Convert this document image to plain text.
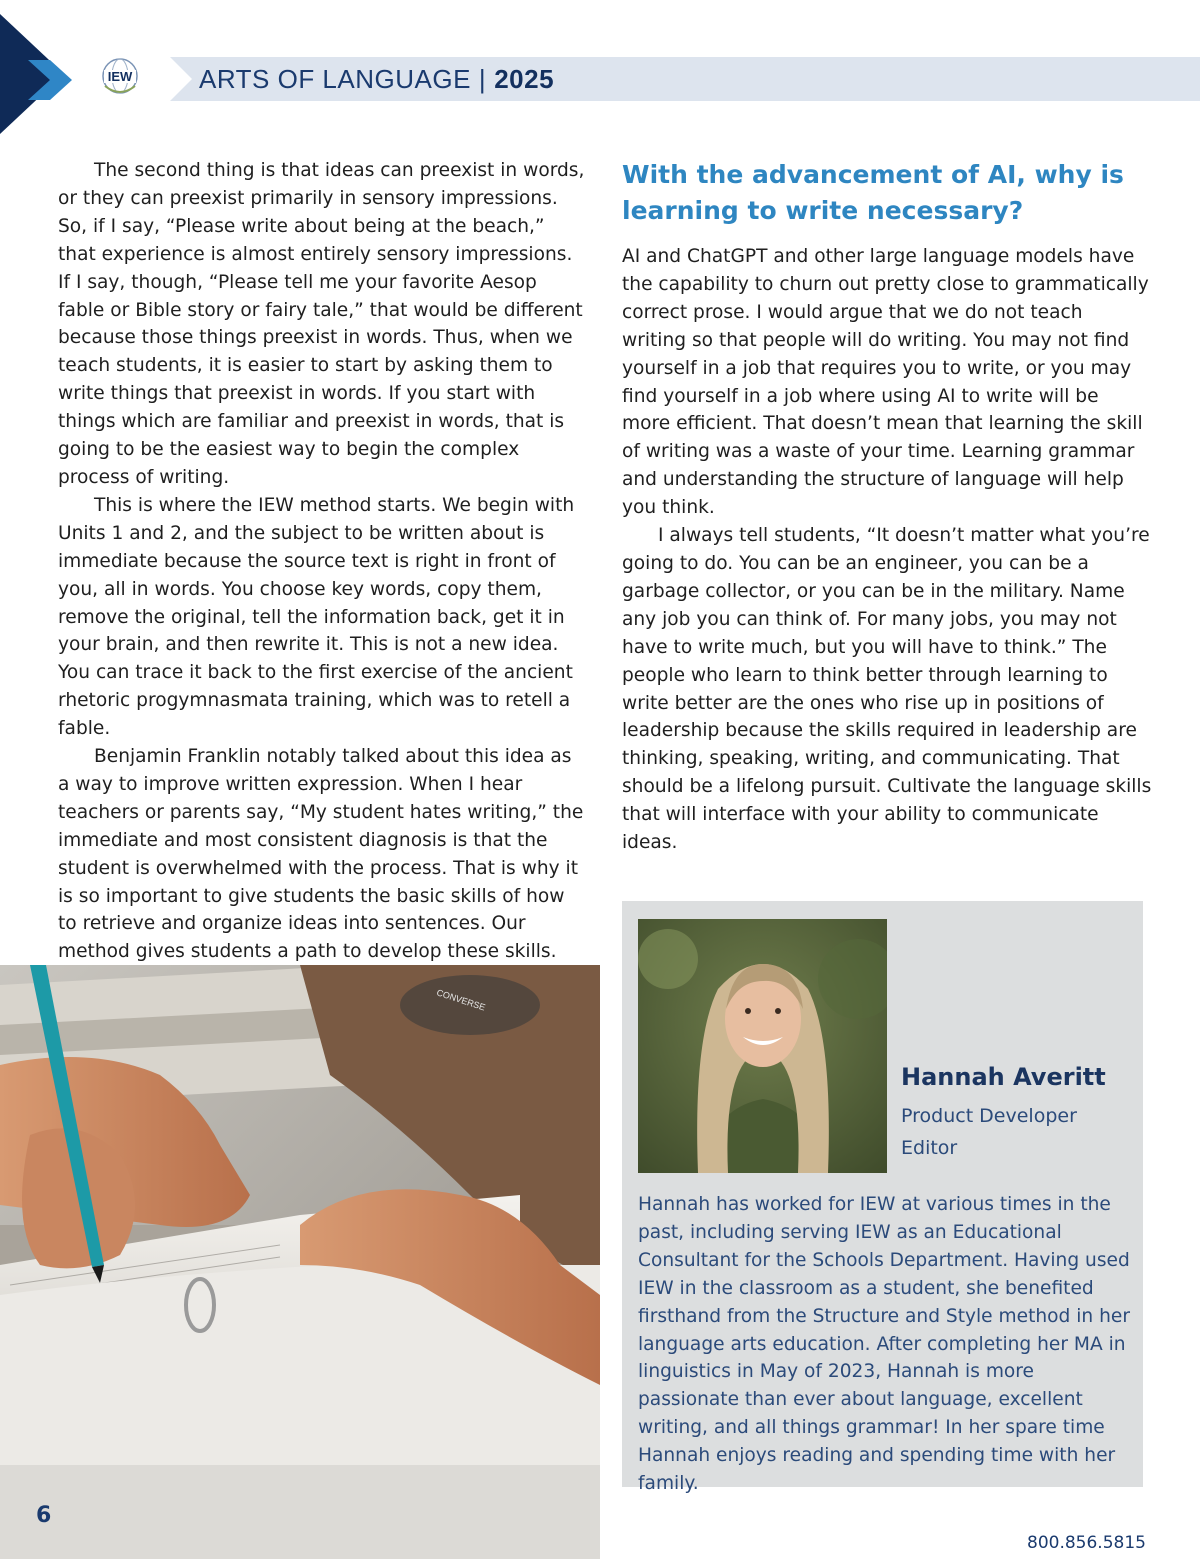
IEW	ARTS OF LANGUAGE | 2025

The second thing is that ideas can preexist in words, or they can preexist primarily in sensory impressions. So, if I say, “Please write about being at the beach,” that experience is almost entirely sensory impressions. If I say, though, “Please tell me your favorite Aesop fable or Bible story or fairy tale,” that would be different because those things preexist in words. Thus, when we teach students, it is easier to start by asking them to write things that preexist in words. If you start with things which are familiar and preexist in words, that is going to be the easiest way to begin the complex process of writing.

This is where the IEW method starts. We begin with Units 1 and 2, and the subject to be written about is immediate because the source text is right in front of you, all in words. You choose key words, copy them, remove the original, tell the information back, get it in your brain, and then rewrite it. This is not a new idea. You can trace it back to the first exercise of the ancient rhetoric progymnasmata training, which was to retell a fable.

Benjamin Franklin notably talked about this idea as a way to improve written expression. When I hear teachers or parents say, “My student hates writing,” the immediate and most consistent diagnosis is that the student is overwhelmed with the process. That is why it is so important to give students the basic skills of how to retrieve and organize ideas into sentences. Our method gives students a path to develop these skills.

With the advancement of AI, why is learning to write necessary?

AI and ChatGPT and other large language models have the capability to churn out pretty close to grammatically correct prose. I would argue that we do not teach writing so that people will do writing. You may not find yourself in a job that requires you to write, or you may find yourself in a job where using AI to write will be more efficient. That doesn’t mean that learning the skill of writing was a waste of your time. Learning grammar and understanding the structure of language will help you think.

I always tell students, “It doesn’t matter what you’re going to do. You can be an engineer, you can be a garbage collector, or you can be in the military. Name any job you can think of. For many jobs, you may not have to write much, but you will have to think.” The people who learn to think better through learning to write better are the ones who rise up in positions of leadership because the skills required in leadership are thinking, speaking, writing, and communicating. That should be a lifelong pursuit. Cultivate the language skills that will interface with your ability to communicate ideas.

CONVERSE
6
Hannah Averitt
Product Developer
Editor

Hannah has worked for IEW at various times in the past, including serving IEW as an Educational Consultant for the Schools Department. Having used IEW in the classroom as a student, she benefited firsthand from the Structure and Style method in her language arts education. After completing her MA in linguistics in May of 2023, Hannah is more passionate than ever about language, excellent writing, and all things grammar! In her spare time Hannah enjoys reading and spending time with her family.

800.856.5815
